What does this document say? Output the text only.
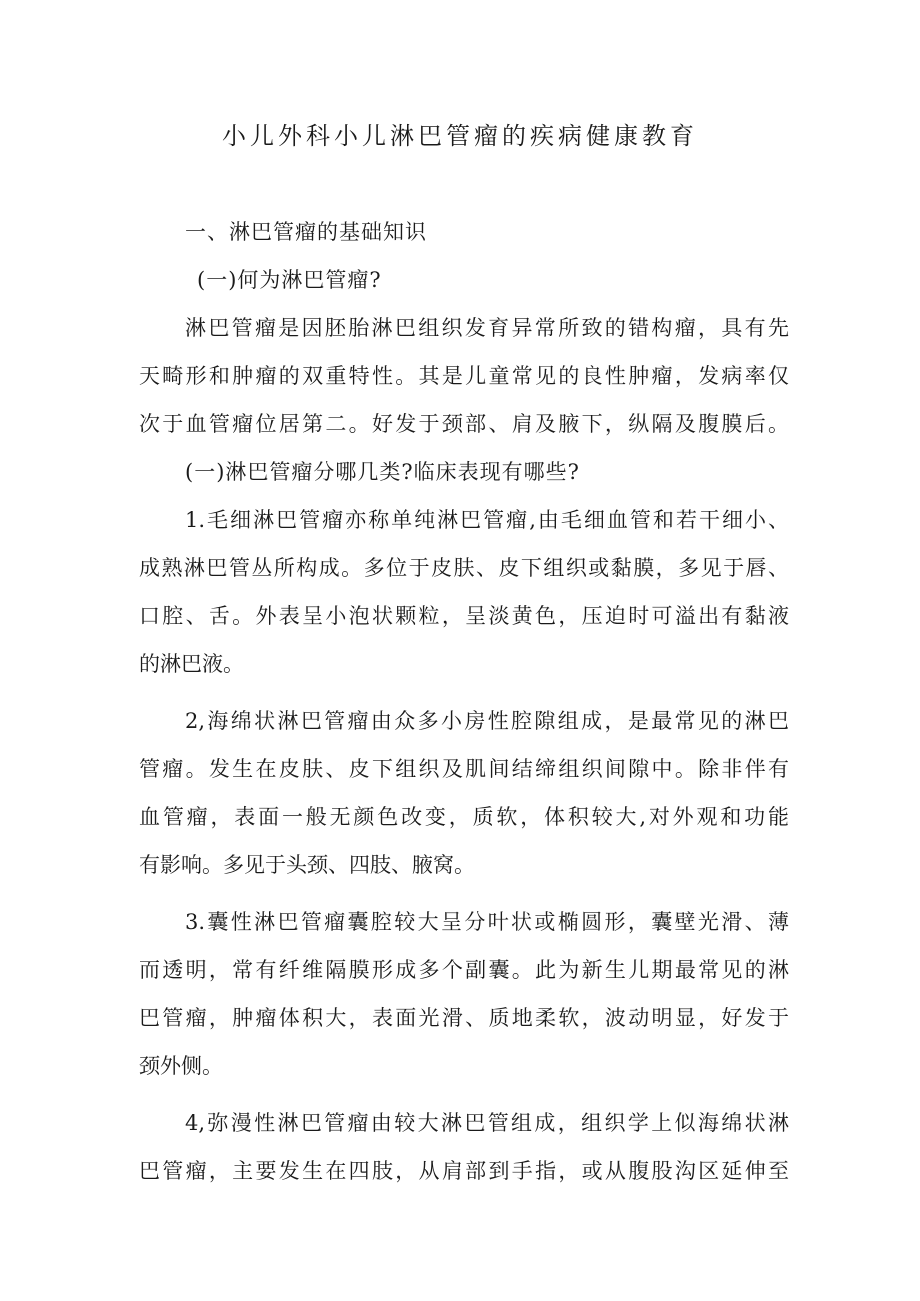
小儿外科小儿淋巴管瘤的疾病健康教育
一、淋巴管瘤的基础知识
(一)何为淋巴管瘤?
淋巴管瘤是因胚胎淋巴组织发育异常所致的错构瘤，具有先
天畸形和肿瘤的双重特性。其是儿童常见的良性肿瘤，发病率仅
次于血管瘤位居第二。好发于颈部、肩及腋下，纵隔及腹膜后。
(一)淋巴管瘤分哪几类?临床表现有哪些?
1.毛细淋巴管瘤亦称单纯淋巴管瘤,由毛细血管和若干细小、
成熟淋巴管丛所构成。多位于皮肤、皮下组织或黏膜，多见于唇、
口腔、舌。外表呈小泡状颗粒，呈淡黄色，压迫时可溢出有黏液
的淋巴液。
2,海绵状淋巴管瘤由众多小房性腔隙组成，是最常见的淋巴
管瘤。发生在皮肤、皮下组织及肌间结缔组织间隙中。除非伴有
血管瘤，表面一般无颜色改变，质软，体积较大,对外观和功能
有影响。多见于头颈、四肢、腋窝。
3.囊性淋巴管瘤囊腔较大呈分叶状或椭圆形，囊壁光滑、薄
而透明，常有纤维隔膜形成多个副囊。此为新生儿期最常见的淋
巴管瘤，肿瘤体积大，表面光滑、质地柔软，波动明显，好发于
颈外侧。
4,弥漫性淋巴管瘤由较大淋巴管组成，组织学上似海绵状淋
巴管瘤，主要发生在四肢，从肩部到手指，或从腹股沟区延伸至
